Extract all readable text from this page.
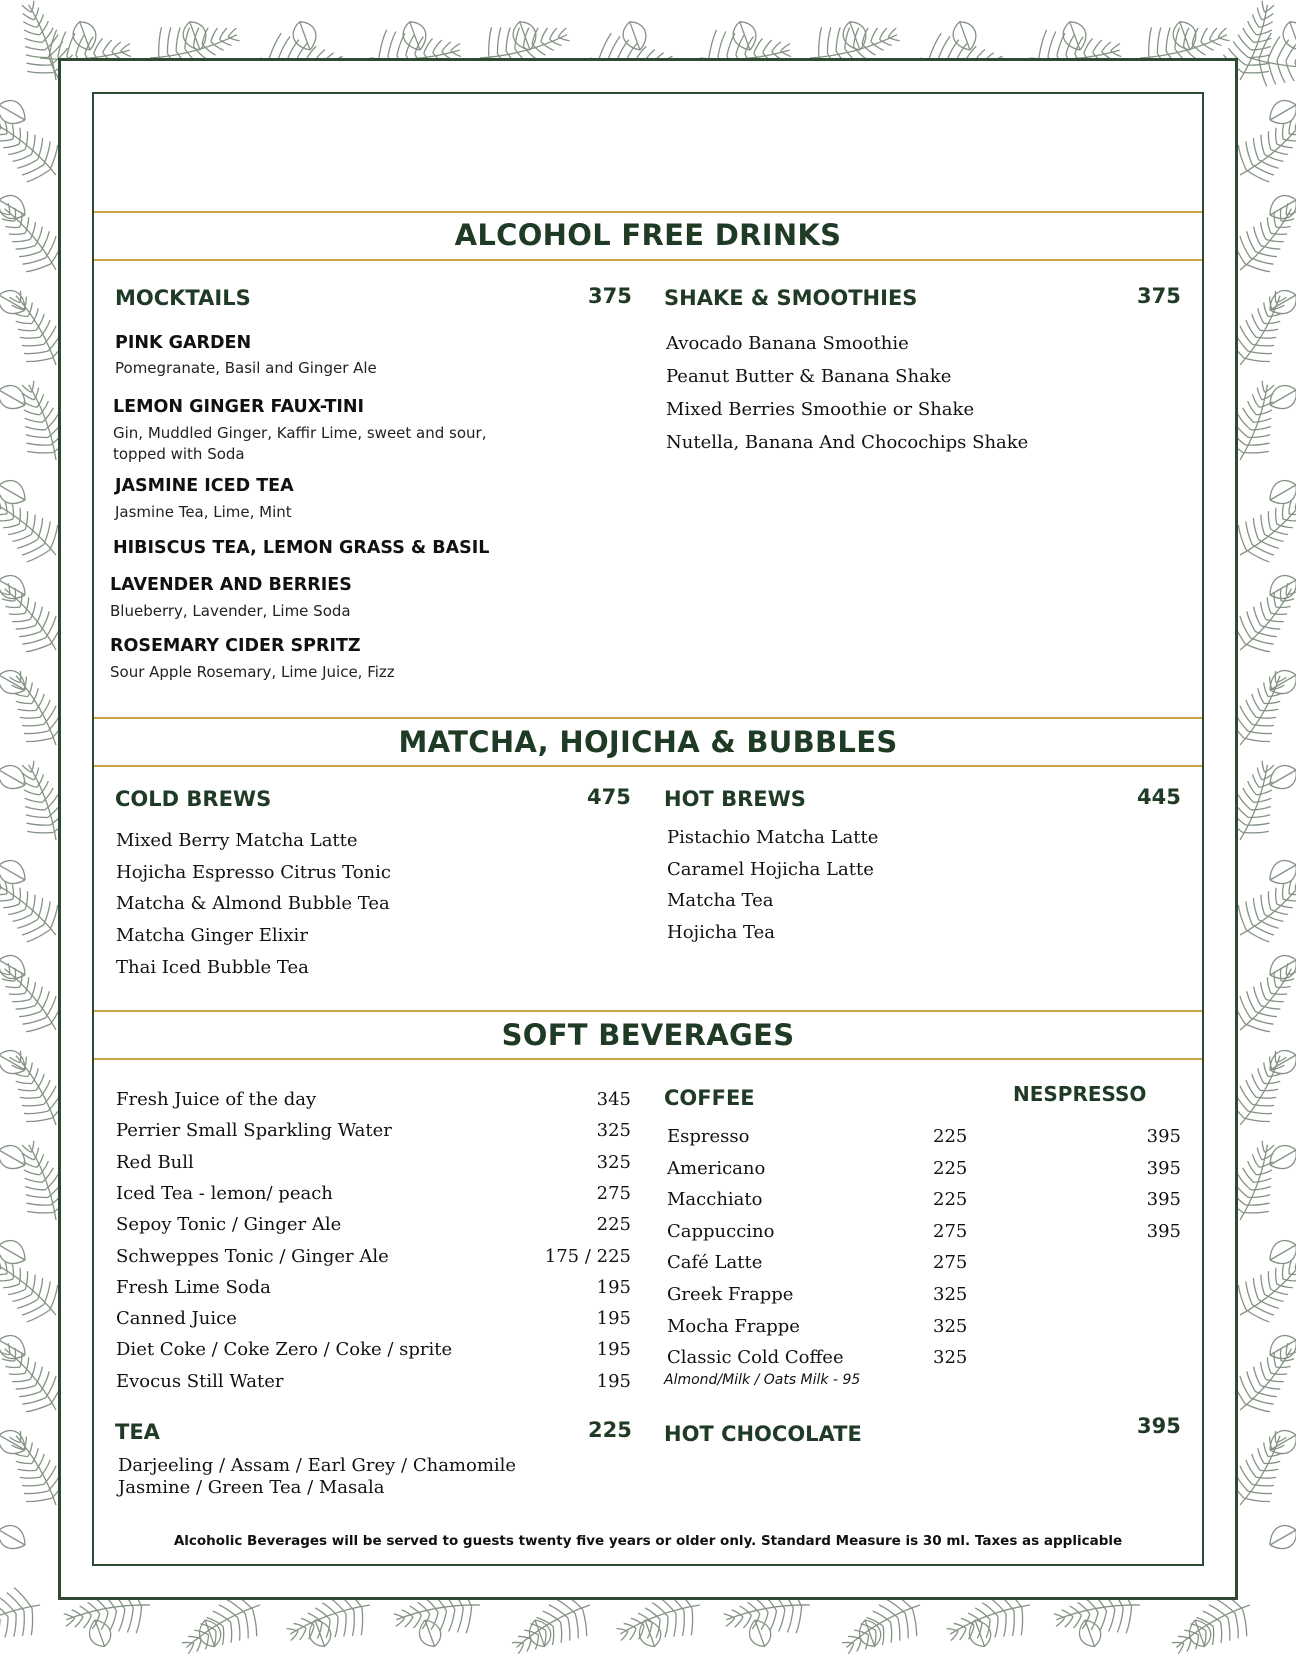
ALCOHOL FREE DRINKS
MOCKTAILS	375
PINK GARDEN
Pomegranate, Basil and Ginger Ale
LEMON GINGER FAUX-TINI
Gin, Muddled Ginger, Kaffir Lime, sweet and sour, topped with Soda
JASMINE ICED TEA
Jasmine Tea, Lime, Mint
HIBISCUS TEA, LEMON GRASS & BASIL
LAVENDER AND BERRIES
Blueberry, Lavender, Lime Soda
ROSEMARY CIDER SPRITZ
Sour Apple Rosemary, Lime Juice, Fizz
SHAKE & SMOOTHIES	375
Avocado Banana Smoothie
Peanut Butter & Banana Shake
Mixed Berries Smoothie or Shake
Nutella, Banana And Chocochips Shake
MATCHA, HOJICHA & BUBBLES
COLD BREWS	475
Mixed Berry Matcha Latte
Hojicha Espresso Citrus Tonic
Matcha & Almond Bubble Tea
Matcha Ginger Elixir
Thai Iced Bubble Tea
HOT BREWS	445
Pistachio Matcha Latte
Caramel Hojicha Latte
Matcha Tea
Hojicha Tea
SOFT BEVERAGES
Fresh Juice of the day	345
Perrier Small Sparkling Water	325
Red Bull	325
Iced Tea - lemon/ peach	275
Sepoy Tonic / Ginger Ale	225
Schweppes Tonic / Ginger Ale	175 / 225
Fresh Lime Soda	195
Canned Juice	195
Diet Coke / Coke Zero / Coke / sprite	195
Evocus Still Water	195
COFFEE	NESPRESSO
Espresso	225	395
Americano	225	395
Macchiato	225	395
Cappuccino	275	395
Café Latte	275
Greek Frappe	325
Mocha Frappe	325
Classic Cold Coffee	325
Almond/Milk / Oats Milk - 95
TEA	225
Darjeeling / Assam / Earl Grey / Chamomile
Jasmine / Green Tea / Masala
HOT CHOCOLATE	395
Alcoholic Beverages will be served to guests twenty five years or older only. Standard Measure is 30 ml. Taxes as applicable
